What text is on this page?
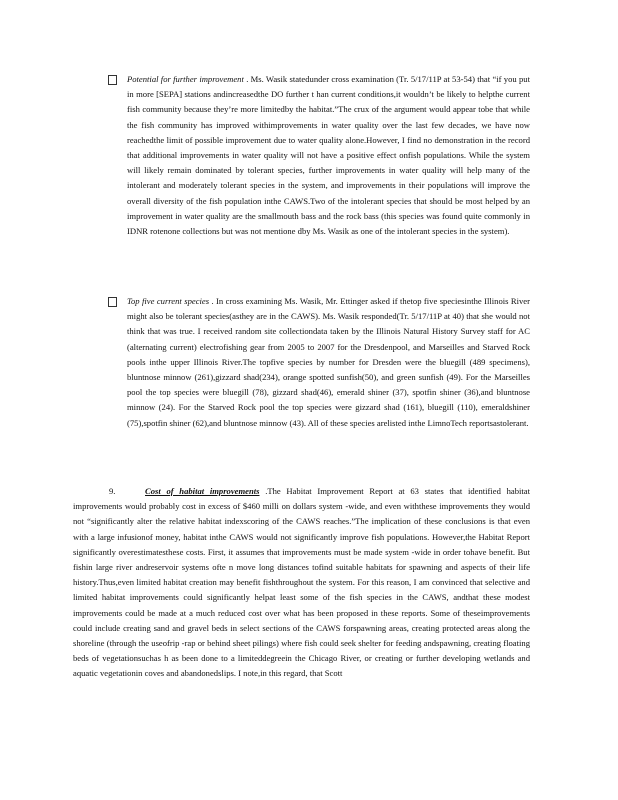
Potential for further improvement . Ms. Wasik statedunder cross examination (Tr. 5/17/11P at 53-54) that “if you put in more [SEPA] stations andincreasedthe DO further t han current conditions,it wouldn’t be likely to helpthe current fish community because they’re more limitedby the habitat.”The crux of the argument would appear tobe that while the fish community has improved withimprovements in water quality over the last few decades, we have now reachedthe limit of possible improvement due to water quality alone.However, I find no demonstration in the record that additional improvements in water quality will not have a positive effect onfish populations. While the system will likely remain dominated by tolerant species, further improvements in water quality will help many of the intolerant and moderately tolerant species in the system, and improvements in their populations will improve the overall diversity of the fish population inthe CAWS.Two of the intolerant species that should be most helped by an improvement in water quality are the smallmouth bass and the rock bass (this species was found quite commonly in IDNR rotenone collections but was not mentione dby Ms. Wasik as one of the intolerant species in the system).
Top five current species . In cross examining Ms. Wasik, Mr. Ettinger asked if thetop five speciesinthe Illinois River might also be tolerant species(asthey are in the CAWS). Ms. Wasik responded(Tr. 5/17/11P at 40) that she would not think that was true. I received random site collectiondata taken by the Illinois Natural History Survey staff for AC (alternating current) electrofishing gear from 2005 to 2007 for the Dresdenpool, and Marseilles and Starved Rock pools inthe upper Illinois River.The topfive species by number for Dresden were the bluegill (489 specimens), bluntnose minnow (261),gizzard shad(234), orange spotted sunfish(50), and green sunfish (49). For the Marseilles pool the top species were bluegill (78), gizzard shad(46), emerald shiner (37), spotfin shiner (36),and bluntnose minnow (24). For the Starved Rock pool the top species were gizzard shad (161), bluegill (110), emeraldshiner (75),spotfin shiner (62),and bluntnose minnow (43). All of these species arelisted inthe LimnoTech reportsastolerant.
9.	Cost of habitat improvements .The Habitat Improvement Report at 63 states that identified habitat improvements would probably cost in excess of $460 milli on dollars system -wide, and even withthese improvements they would not “significantly alter the relative habitat indexscoring of the CAWS reaches.”The implication of these conclusions is that even with a large infusionof money, habitat inthe CAWS would not significantly improve fish populations. However,the Habitat Report significantly overestimatesthese costs. First, it assumes that improvements must be made system -wide in order tohave benefit. But fishin large river andreservoir systems ofte n move long distances tofind suitable habitats for spawning and aspects of their life history.Thus,even limited habitat creation may benefit fishthroughout the system. For this reason, I am convinced that selective and limited habitat improvements could significantly helpat least some of the fish species in the CAWS, andthat these modest improvements could be made at a much reduced cost over what has been proposed in these reports. Some of theseimprovements could include creating sand and gravel beds in select sections of the CAWS forspawning areas, creating protected areas along the shoreline (through the useofrip -rap or behind sheet pilings) where fish could seek shelter for feeding andspawning, creating floating beds of vegetationsuchas h as been done to a limiteddegreein the Chicago River, or creating or further developing wetlands and aquatic vegetationin coves and abandonedslips. I note,in this regard, that Scott
